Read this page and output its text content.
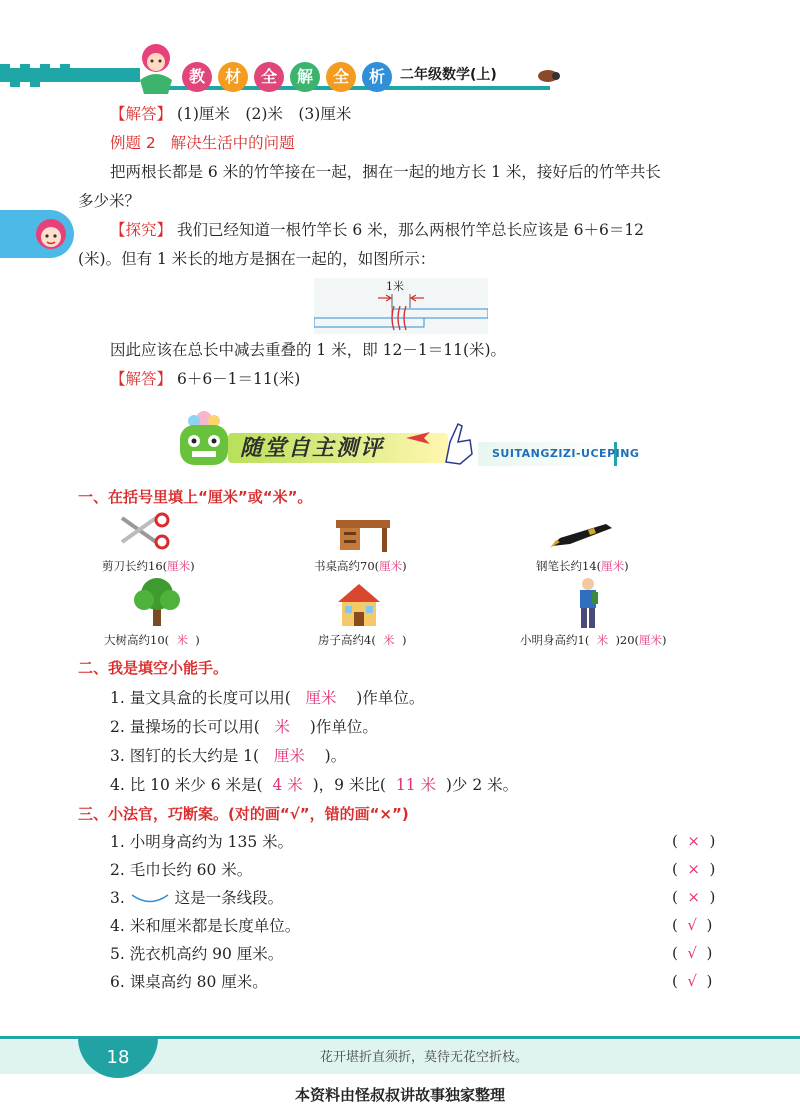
教	材	全	解	全	析	二年级数学(上)
【解答】 (1)厘米　(2)米　(3)厘米
例题 2 解决生活中的问题
把两根长都是 6 米的竹竿接在一起，捆在一起的地方长 1 米，接好后的竹竿共长
多少米？
【探究】 我们已经知道一根竹竿长 6 米，那么两根竹竿总长应该是 6＋6＝12
(米)。但有 1 米长的地方是捆在一起的，如图所示：
1米
因此应该在总长中减去重叠的 1 米，即 12－1＝11(米)。
【解答】 6＋6－1＝11(米)
随堂自主测评	SUITANGZIZI-UCEPING
一、在括号里填上“厘米”或“米”。
剪刀长约16(厘米)	书桌高约70(厘米)	钢笔长约14(厘米)
大树高约10( 米 )	房子高约4( 米 )	小明身高约1( 米 )20(厘米)
二、我是填空小能手。
1. 量文具盒的长度可以用( 厘米 )作单位。
2. 量操场的长可以用( 米 )作单位。
3. 图钉的长大约是 1( 厘米 )。
4. 比 10 米少 6 米是( 4 米 )，9 米比( 11 米 )少 2 米。
三、小法官，巧断案。(对的画“√”，错的画“×”)
1. 小明身高约为 135 米。	(  ×  )
2. 毛巾长约 60 米。	(  ×  )
3.	这是一条线段。	(  ×  )
4. 米和厘米都是长度单位。	(  √  )
5. 洗衣机高约 90 厘米。	(  √  )
6. 课桌高约 80 厘米。	(  √  )
18	花开堪折直须折，莫待无花空折枝。
本资料由怪叔叔讲故事独家整理
